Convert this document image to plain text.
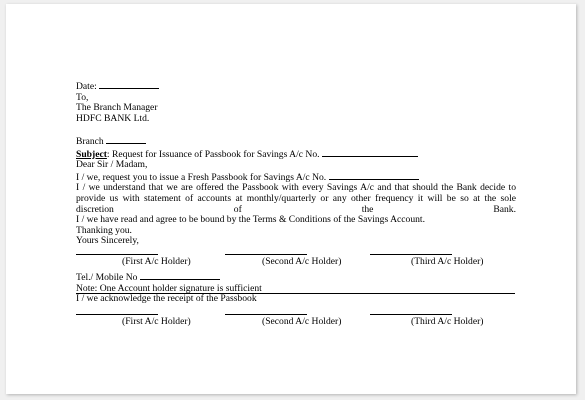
Date:
To,
The Branch Manager
HDFC BANK Ltd.
Branch
Subject: Request for Issuance of Passbook for Savings A/c No.
Dear Sir / Madam,
I / we, request you to issue a Fresh Passbook for Savings A/c No.
I / we understand that we are offered the Passbook with every Savings A/c and that should the Bank decide to provide us with statement of accounts at monthly/quarterly or any other frequency it will be so at the sole discretion of the Bank.
I / we have read and agree to be bound by the Terms & Conditions of the Savings Account.
Thanking you.
Yours Sincerely,
(First A/c Holder)	(Second A/c Holder)	(Third A/c Holder)
Tel./ Mobile No
Note: One Account holder signature is sufficient
I / we acknowledge the receipt of the Passbook
(First A/c Holder)	(Second A/c Holder)	(Third A/c Holder)
